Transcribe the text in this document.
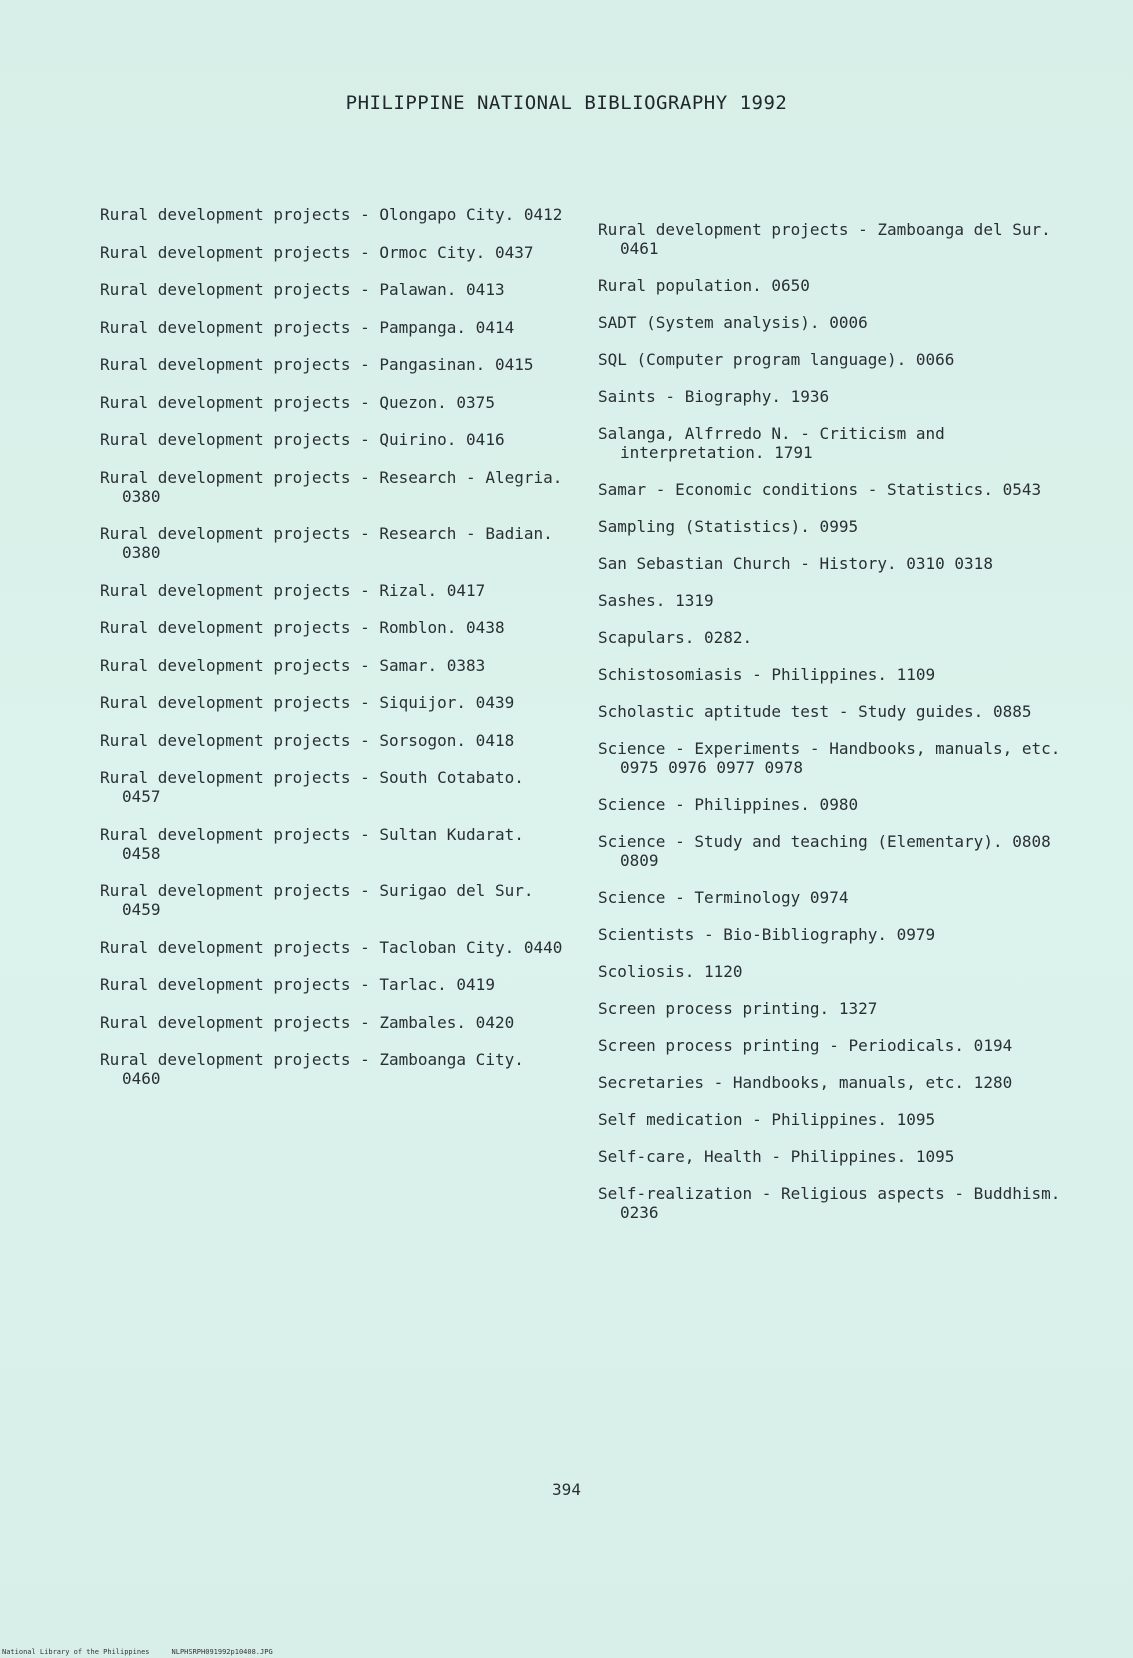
PHILIPPINE NATIONAL BIBLIOGRAPHY 1992
Rural development projects - Olongapo City. 0412
Rural development projects - Ormoc City. 0437
Rural development projects - Palawan. 0413
Rural development projects - Pampanga. 0414
Rural development projects - Pangasinan. 0415
Rural development projects - Quezon. 0375
Rural development projects - Quirino. 0416
Rural development projects - Research - Alegria. 0380
Rural development projects - Research - Badian. 0380
Rural development projects - Rizal. 0417
Rural development projects - Romblon. 0438
Rural development projects - Samar. 0383
Rural development projects - Siquijor. 0439
Rural development projects - Sorsogon. 0418
Rural development projects - South Cotabato. 0457
Rural development projects - Sultan Kudarat. 0458
Rural development projects - Surigao del Sur. 0459
Rural development projects - Tacloban City. 0440
Rural development projects - Tarlac. 0419
Rural development projects - Zambales. 0420
Rural development projects - Zamboanga City. 0460
Rural development projects - Zamboanga del Sur. 0461
Rural population. 0650
SADT (System analysis). 0006
SQL (Computer program language). 0066
Saints - Biography. 1936
Salanga, Alfrredo N. - Criticism and interpretation. 1791
Samar - Economic conditions - Statistics. 0543
Sampling (Statistics). 0995
San Sebastian Church - History. 0310 0318
Sashes. 1319
Scapulars. 0282.
Schistosomiasis - Philippines. 1109
Scholastic aptitude test - Study guides. 0885
Science - Experiments - Handbooks, manuals, etc. 0975 0976 0977 0978
Science - Philippines. 0980
Science - Study and teaching (Elementary). 0808 0809
Science - Terminology 0974
Scientists - Bio-Bibliography. 0979
Scoliosis. 1120
Screen process printing. 1327
Screen process printing - Periodicals. 0194
Secretaries - Handbooks, manuals, etc. 1280
Self medication - Philippines. 1095
Self-care, Health - Philippines. 1095
Self-realization - Religious aspects - Buddhism. 0236
394
National Library of the Philippines	NLPHSRPH091992p10408.JPG
